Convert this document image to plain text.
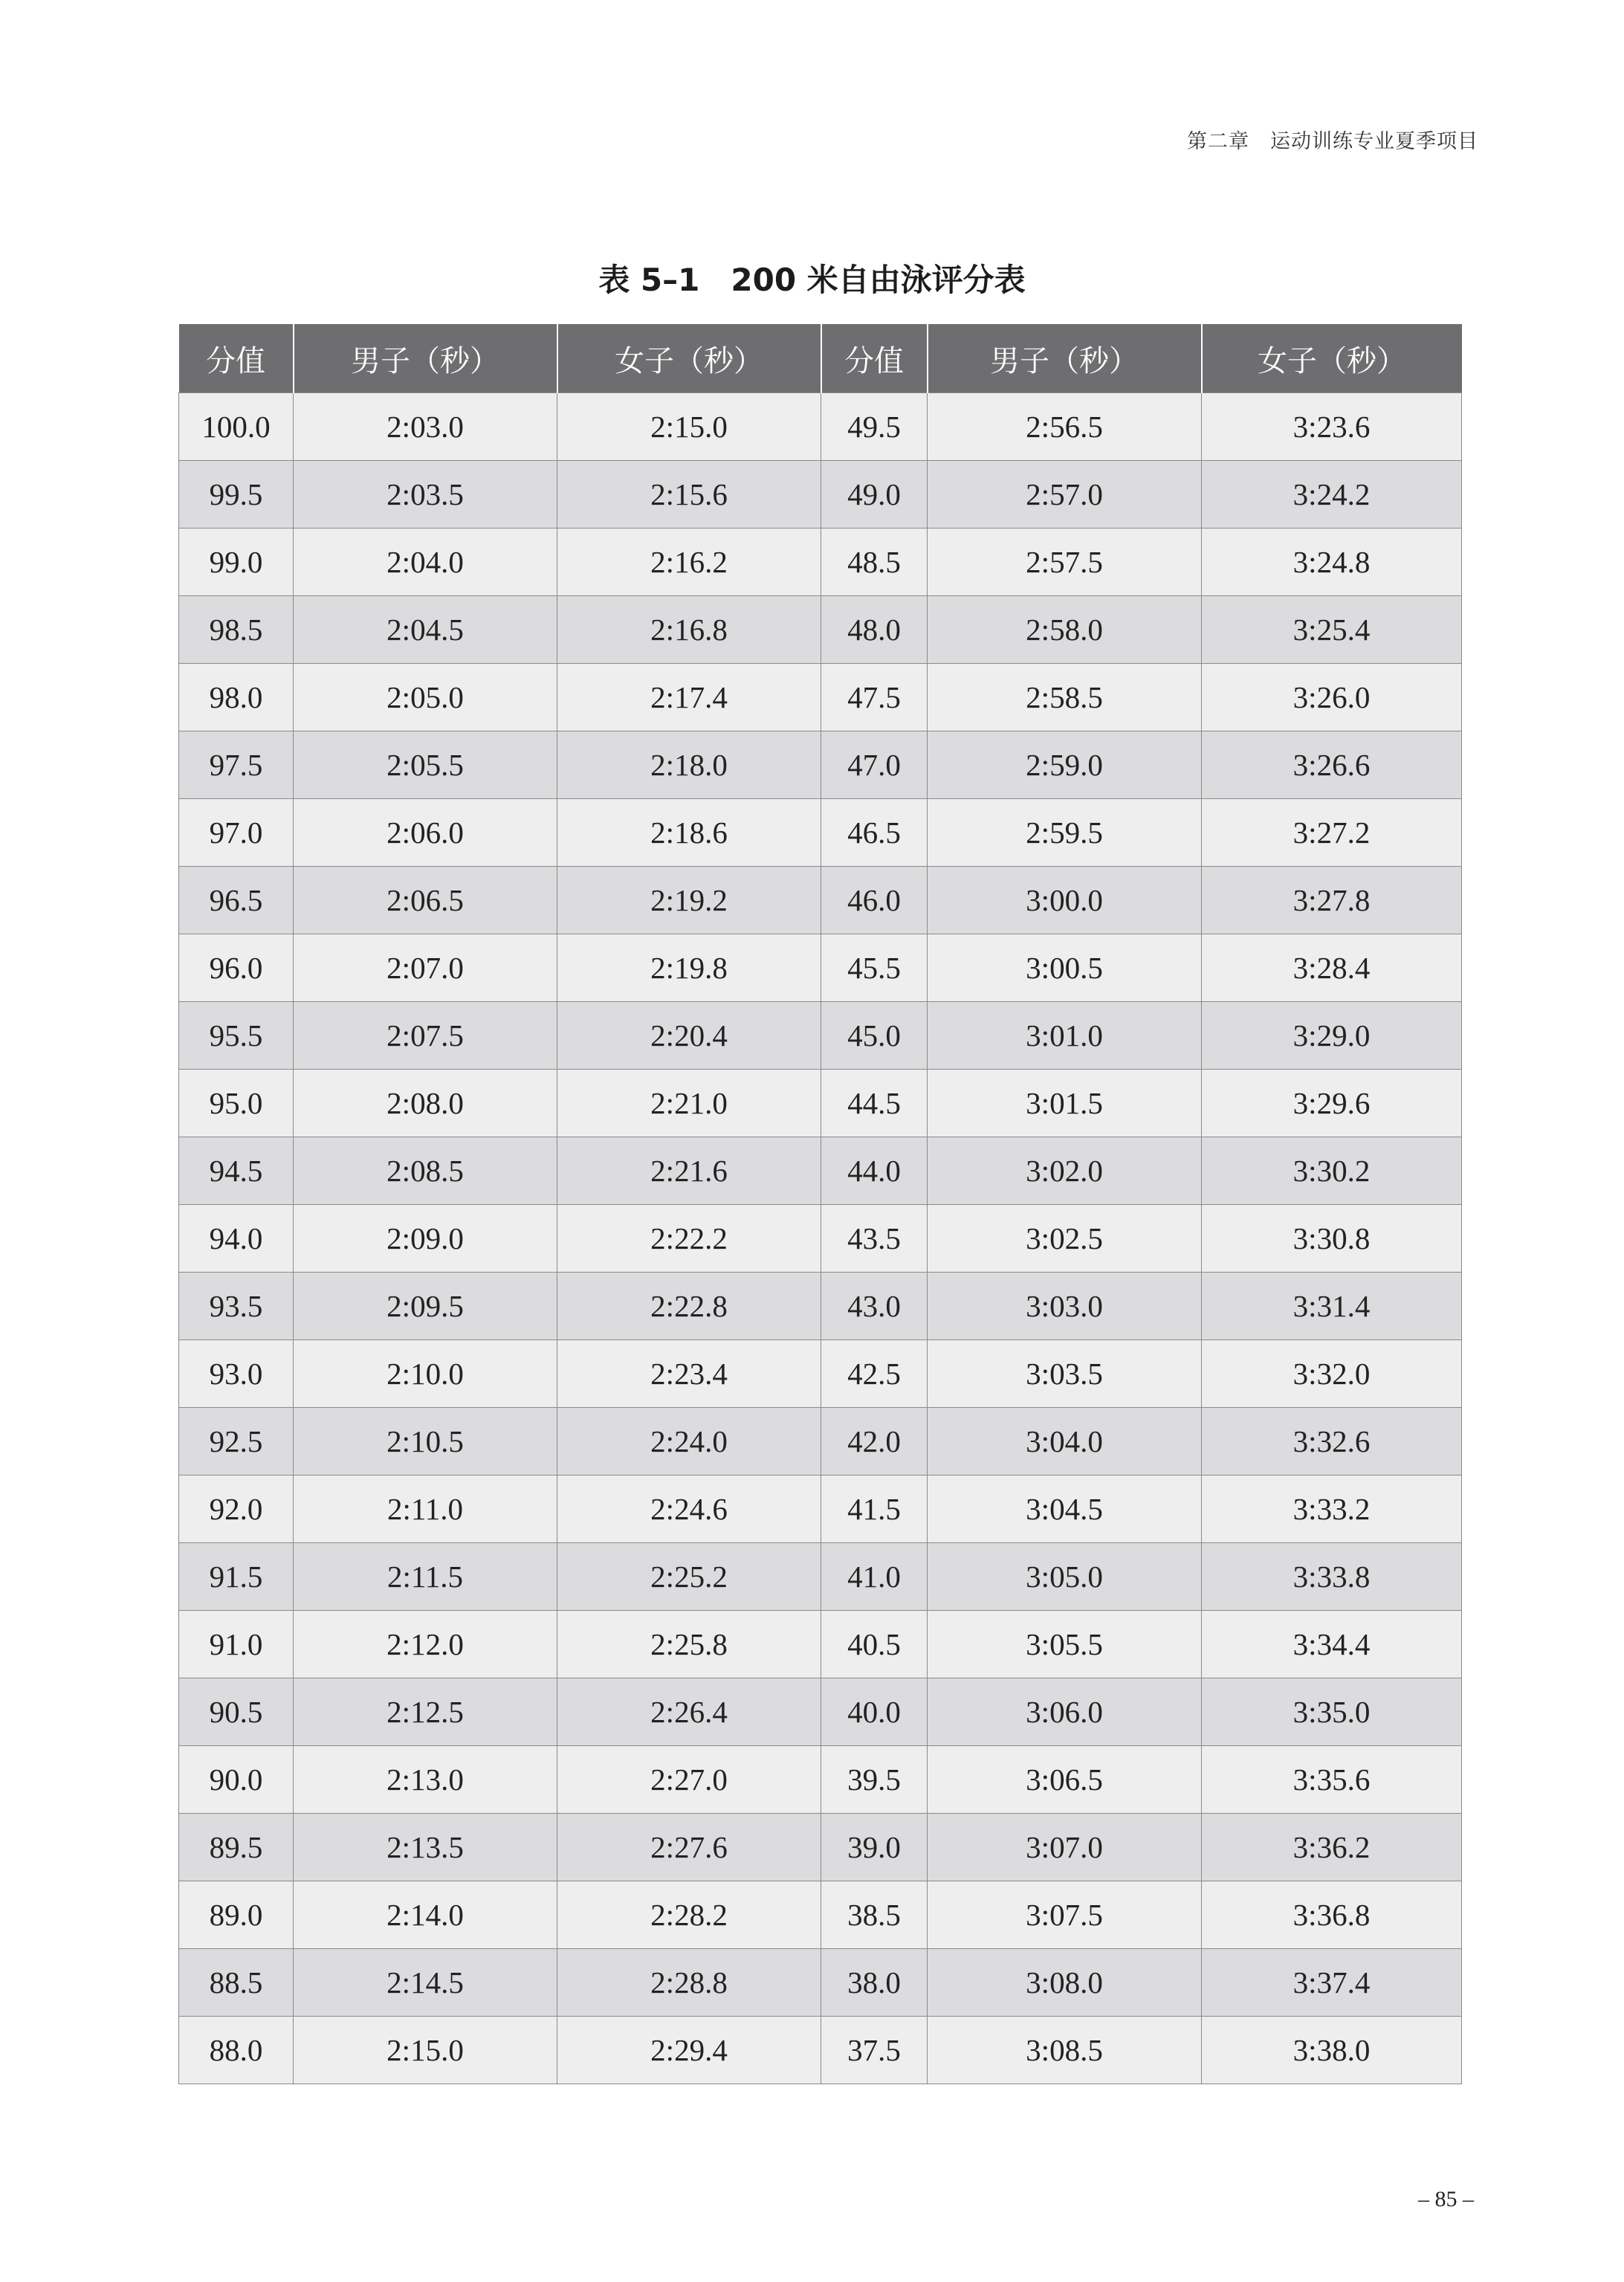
第二章　运动训练专业夏季项目
表 5–1　200 米自由泳评分表
分值	男子（秒）	女子（秒）	分值	男子（秒）	女子（秒）
100.0	2:03.0	2:15.0	49.5	2:56.5	3:23.6
99.5	2:03.5	2:15.6	49.0	2:57.0	3:24.2
99.0	2:04.0	2:16.2	48.5	2:57.5	3:24.8
98.5	2:04.5	2:16.8	48.0	2:58.0	3:25.4
98.0	2:05.0	2:17.4	47.5	2:58.5	3:26.0
97.5	2:05.5	2:18.0	47.0	2:59.0	3:26.6
97.0	2:06.0	2:18.6	46.5	2:59.5	3:27.2
96.5	2:06.5	2:19.2	46.0	3:00.0	3:27.8
96.0	2:07.0	2:19.8	45.5	3:00.5	3:28.4
95.5	2:07.5	2:20.4	45.0	3:01.0	3:29.0
95.0	2:08.0	2:21.0	44.5	3:01.5	3:29.6
94.5	2:08.5	2:21.6	44.0	3:02.0	3:30.2
94.0	2:09.0	2:22.2	43.5	3:02.5	3:30.8
93.5	2:09.5	2:22.8	43.0	3:03.0	3:31.4
93.0	2:10.0	2:23.4	42.5	3:03.5	3:32.0
92.5	2:10.5	2:24.0	42.0	3:04.0	3:32.6
92.0	2:11.0	2:24.6	41.5	3:04.5	3:33.2
91.5	2:11.5	2:25.2	41.0	3:05.0	3:33.8
91.0	2:12.0	2:25.8	40.5	3:05.5	3:34.4
90.5	2:12.5	2:26.4	40.0	3:06.0	3:35.0
90.0	2:13.0	2:27.0	39.5	3:06.5	3:35.6
89.5	2:13.5	2:27.6	39.0	3:07.0	3:36.2
89.0	2:14.0	2:28.2	38.5	3:07.5	3:36.8
88.5	2:14.5	2:28.8	38.0	3:08.0	3:37.4
88.0	2:15.0	2:29.4	37.5	3:08.5	3:38.0
– 85 –
